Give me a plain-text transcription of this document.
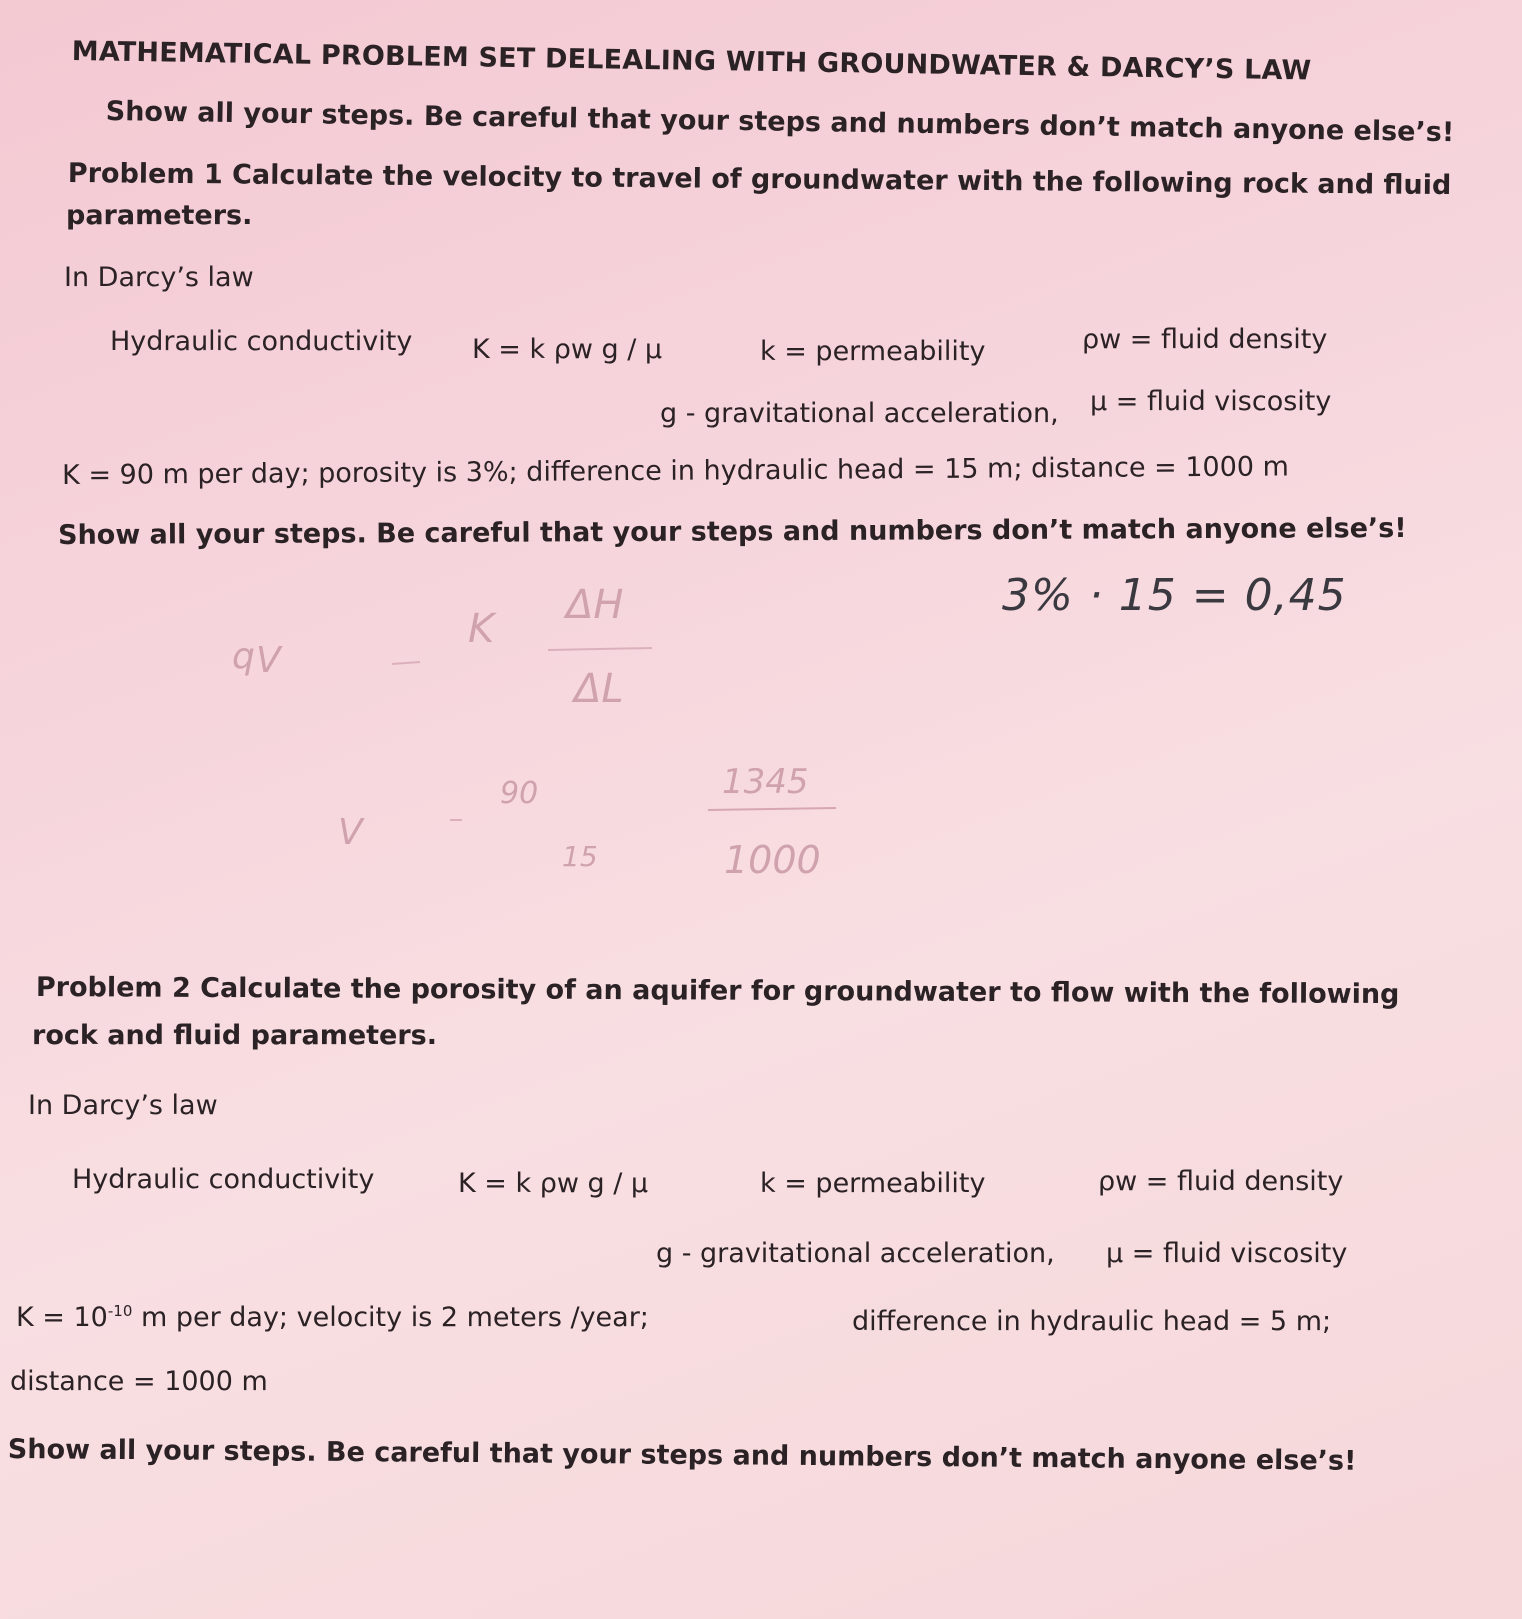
MATHEMATICAL PROBLEM SET DELEALING WITH GROUNDWATER & DARCY’S LAW
Show all your steps. Be careful that your steps and numbers don’t match anyone else’s!
Problem 1 Calculate the velocity to travel of groundwater with the following rock and fluid
parameters.
In Darcy’s law
Hydraulic conductivity K = k ρw g / μ	k = permeability	ρw = fluid density
g - gravitational acceleration, μ = fluid viscosity
K = 90 m per day; porosity is 3%; difference in hydraulic head = 15 m; distance = 1000 m
Show all your steps. Be careful that your steps and numbers don’t match anyone else’s!
3% · 15 = 0,45
q V
K
ΔH
ΔL
90
15
1345
1000
V
Problem 2 Calculate the porosity of an aquifer for groundwater to flow with the following
rock and fluid parameters.
In Darcy’s law
Hydraulic conductivity	K = k ρw g / μ	k = permeability	ρw = fluid density
g - gravitational acceleration, μ = fluid viscosity
$K = 10^{-10}$ m per day; velocity is 2 meters /year;	difference in hydraulic head = 5 m;
distance = 1000 m
Show all your steps. Be careful that your steps and numbers don’t match anyone else’s!
